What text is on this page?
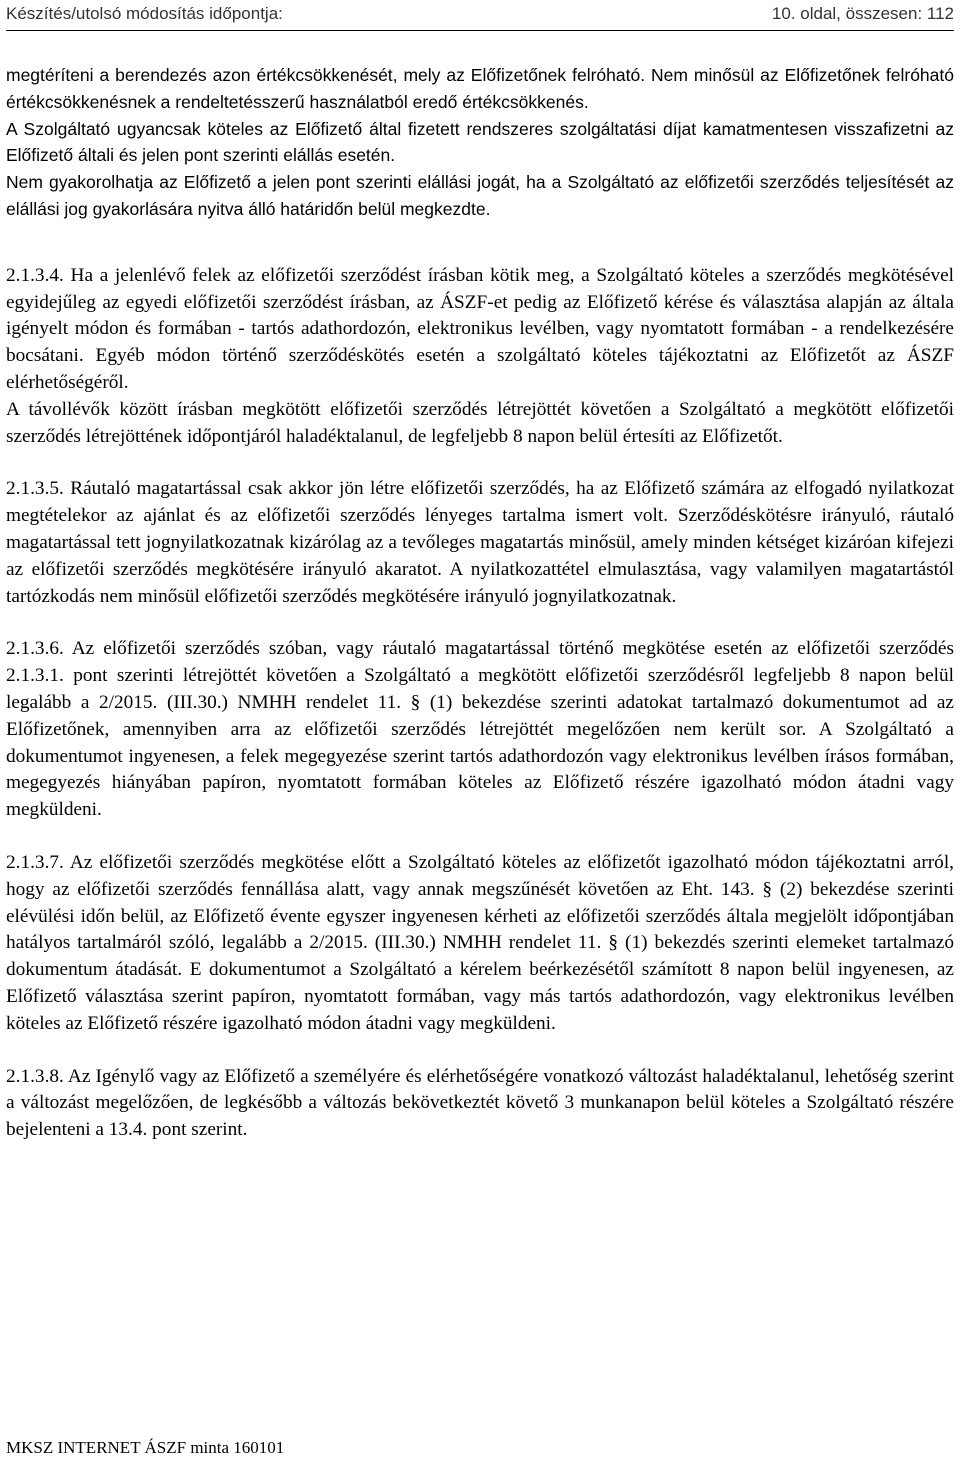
Készítés/utolsó módosítás időpontja:	10. oldal, összesen: 112

megtéríteni a berendezés azon értékcsökkenését, mely az Előfizetőnek felróható. Nem minősül az Előfizetőnek felróható értékcsökkenésnek a rendeltetésszerű használatból eredő értékcsökkenés.

A Szolgáltató ugyancsak köteles az Előfizető által fizetett rendszeres szolgáltatási díjat kamatmentesen visszafizetni az Előfizető általi és jelen pont szerinti elállás esetén.

Nem gyakorolhatja az Előfizető a jelen pont szerinti elállási jogát, ha a Szolgáltató az előfizetői szerződés teljesítését az elállási jog gyakorlására nyitva álló határidőn belül megkezdte.

2.1.3.4. Ha a jelenlévő felek az előfizetői szerződést írásban kötik meg, a Szolgáltató köteles a szerződés megkötésével egyidejűleg az egyedi előfizetői szerződést írásban, az ÁSZF-et pedig az Előfizető kérése és választása alapján az általa igényelt módon és formában - tartós adathordozón, elektronikus levélben, vagy nyomtatott formában - a rendelkezésére bocsátani. Egyéb módon történő szerződéskötés esetén a szolgáltató köteles tájékoztatni az Előfizetőt az ÁSZF elérhetőségéről.

A távollévők között írásban megkötött előfizetői szerződés létrejöttét követően a Szolgáltató a megkötött előfizetői szerződés létrejöttének időpontjáról haladéktalanul, de legfeljebb 8 napon belül értesíti az Előfizetőt.

2.1.3.5. Ráutaló magatartással csak akkor jön létre előfizetői szerződés, ha az Előfizető számára az elfogadó nyilatkozat megtételekor az ajánlat és az előfizetői szerződés lényeges tartalma ismert volt. Szerződéskötésre irányuló, ráutaló magatartással tett jognyilatkozatnak kizárólag az a tevőleges magatartás minősül, amely minden kétséget kizáróan kifejezi az előfizetői szerződés megkötésére irányuló akaratot. A nyilatkozattétel elmulasztása, vagy valamilyen magatartástól tartózkodás nem minősül előfizetői szerződés megkötésére irányuló jognyilatkozatnak.

2.1.3.6. Az előfizetői szerződés szóban, vagy ráutaló magatartással történő megkötése esetén az előfizetői szerződés 2.1.3.1. pont szerinti létrejöttét követően a Szolgáltató a megkötött előfizetői szerződésről legfeljebb 8 napon belül legalább a 2/2015. (III.30.) NMHH rendelet 11. § (1) bekezdése szerinti adatokat tartalmazó dokumentumot ad az Előfizetőnek, amennyiben arra az előfizetői szerződés létrejöttét megelőzően nem került sor. A Szolgáltató a dokumentumot ingyenesen, a felek megegyezése szerint tartós adathordozón vagy elektronikus levélben írásos formában, megegyezés hiányában papíron, nyomtatott formában köteles az Előfizető részére igazolható módon átadni vagy megküldeni.

2.1.3.7. Az előfizetői szerződés megkötése előtt a Szolgáltató köteles az előfizetőt igazolható módon tájékoztatni arról, hogy az előfizetői szerződés fennállása alatt, vagy annak megszűnését követően az Eht. 143. § (2) bekezdése szerinti elévülési időn belül, az Előfizető évente egyszer ingyenesen kérheti az előfizetői szerződés általa megjelölt időpontjában hatályos tartalmáról szóló, legalább a 2/2015. (III.30.) NMHH rendelet 11. § (1) bekezdés szerinti elemeket tartalmazó dokumentum átadását. E dokumentumot a Szolgáltató a kérelem beérkezésétől számított 8 napon belül ingyenesen, az Előfizető választása szerint papíron, nyomtatott formában, vagy más tartós adathordozón, vagy elektronikus levélben köteles az Előfizető részére igazolható módon átadni vagy megküldeni.

2.1.3.8. Az Igénylő vagy az Előfizető a személyére és elérhetőségére vonatkozó változást haladéktalanul, lehetőség szerint a változást megelőzően, de legkésőbb a változás bekövetkeztét követő 3 munkanapon belül köteles a Szolgáltató részére bejelenteni a 13.4. pont szerint.

MKSZ INTERNET ÁSZF minta 160101
